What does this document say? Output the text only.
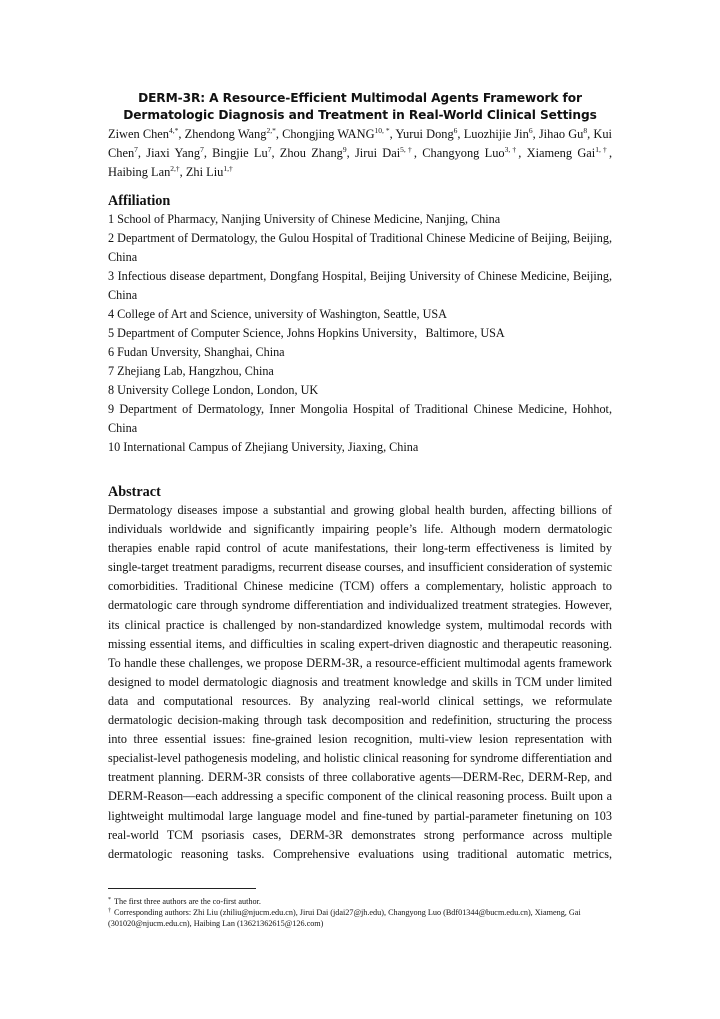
DERM-3R: A Resource-Efficient Multimodal Agents Framework for Dermatologic Diagnosis and Treatment in Real-World Clinical Settings
Ziwen Chen$^{4,*}$, Zhendong Wang$^{2,*}$, Chongjing $WANG^{10, *}$, Yurui Dong$^6$, Luozhijie Jin$^6$, Jihao Gu$^8$, Kui Chen$^7$, Jiaxi Yang$^7$, Bingjie Lu$^7$, Zhou Zhang$^9$, Jirui Dai$^{5,\dagger}$, Changyong Luo$^{3,\dagger}$, Xiameng Gai$^{1,\dagger}$, Haibing Lan$^{2,\dagger}$, Zhi Liu$^{1,\dagger}$
Affiliation
1 School of Pharmacy, Nanjing University of Chinese Medicine, Nanjing, China
2 Department of Dermatology, the Gulou Hospital of Traditional Chinese Medicine of Beijing, Beijing, China
3 Infectious disease department, Dongfang Hospital, Beijing University of Chinese Medicine, Beijing, China
4 College of Art and Science, university of Washington, Seattle, USA
5 Department of Computer Science, Johns Hopkins University，Baltimore, USA
6 Fudan Unversity, Shanghai, China
7 Zhejiang Lab, Hangzhou, China
8 University College London, London, UK
9 Department of Dermatology, Inner Mongolia Hospital of Traditional Chinese Medicine, Hohhot, China
10 International Campus of Zhejiang University, Jiaxing, China
Abstract

Dermatology diseases impose a substantial and growing global health burden, affecting billions of individuals worldwide and significantly impairing people’s life. Although modern dermatologic therapies enable rapid control of acute manifestations, their long-term effectiveness is limited by single-target treatment paradigms, recurrent disease courses, and insufficient consideration of systemic comorbidities. Traditional Chinese medicine (TCM) offers a complementary, holistic approach to dermatologic care through syndrome differentiation and individualized treatment strategies. However, its clinical practice is challenged by non-standardized knowledge system, multimodal records with missing essential items, and difficulties in scaling expert-driven diagnostic and therapeutic reasoning. To handle these challenges, we propose DERM-3R, a resource-efficient multimodal agents framework designed to model dermatologic diagnosis and treatment knowledge and skills in TCM under limited data and computational resources. By analyzing real-world clinical settings, we reformulate dermatologic decision-making through task decomposition and redefinition, structuring the process into three essential issues: fine-grained lesion recognition, multi-view lesion representation with specialist-level pathogenesis modeling, and holistic clinical reasoning for syndrome differentiation and treatment planning. DERM-3R consists of three collaborative agents—DERM-Rec, DERM-Rep, and DERM-Reason—each addressing a specific component of the clinical reasoning process. Built upon a lightweight multimodal large language model and fine-tuned by partial-parameter finetuning on 103 real-world TCM psoriasis cases, DERM-3R demonstrates strong performance across multiple dermatologic reasoning tasks. Comprehensive evaluations using traditional automatic metrics,

* The first three authors are the co-first author.
† Corresponding authors: Zhi Liu (zhiliu@njucm.edu.cn), Jirui Dai (jdai27@jh.edu), Changyong Luo (Bdf01344@bucm.edu.cn), Xiameng, Gai (301020@njucm.edu.cn), Haibing Lan (13621362615@126.com)
